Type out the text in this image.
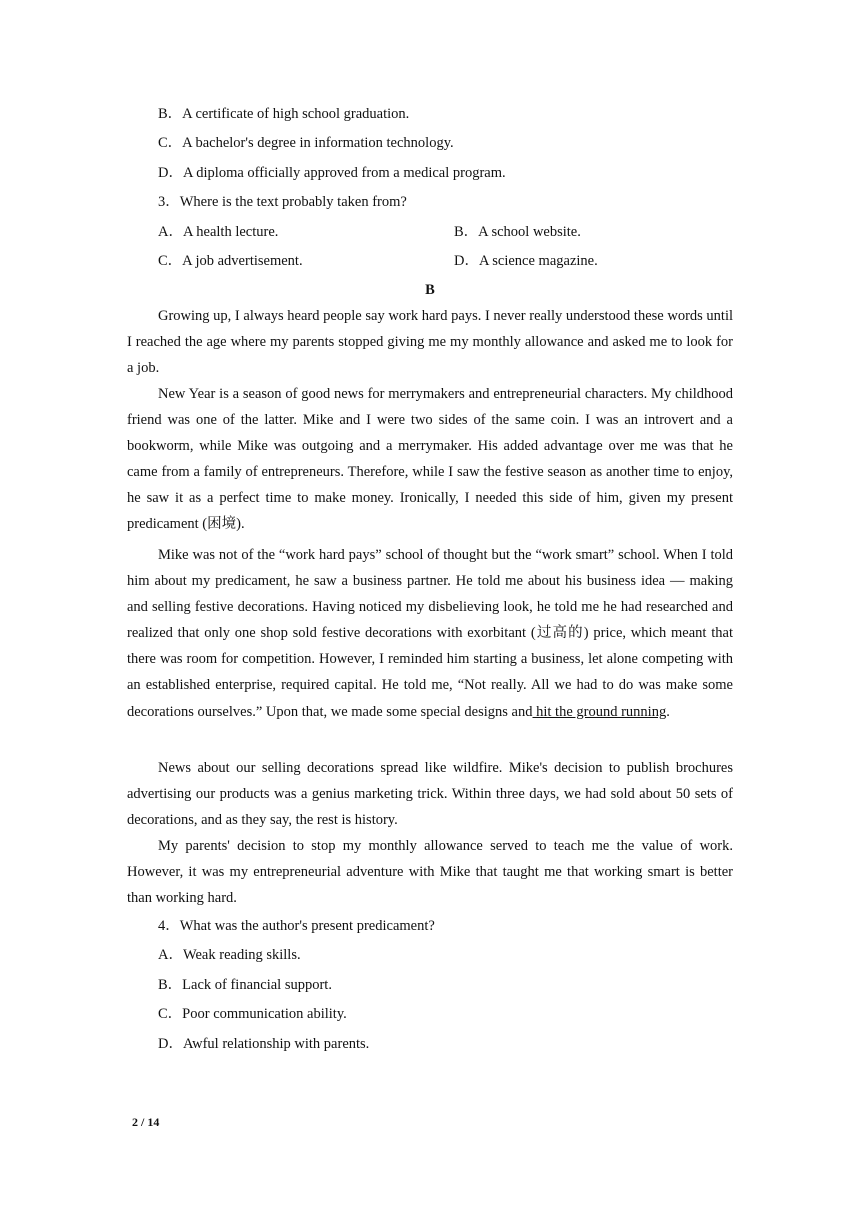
B．A certificate of high school graduation.
C．A bachelor's degree in information technology.
D．A diploma officially approved from a medical program.
3．Where is the text probably taken from?
A．A health lecture.	B．A school website.
C．A job advertisement.	D．A science magazine.
B

Growing up, I always heard people say work hard pays. I never really understood these words until I reached the age where my parents stopped giving me my monthly allowance and asked me to look for a job.

New Year is a season of good news for merrymakers and entrepreneurial characters. My childhood friend was one of the latter. Mike and I were two sides of the same coin. I was an introvert and a bookworm, while Mike was outgoing and a merrymaker. His added advantage over me was that he came from a family of entrepreneurs. Therefore, while I saw the festive season as another time to enjoy, he saw it as a perfect time to make money. Ironically, I needed this side of him, given my present predicament (困境).

Mike was not of the “work hard pays” school of thought but the “work smart” school. When I told him about my predicament, he saw a business partner. He told me about his business idea — making and selling festive decorations. Having noticed my disbelieving look, he told me he had researched and realized that only one shop sold festive decorations with exorbitant (过高的) price, which meant that there was room for competition. However, I reminded him starting a business, let alone competing with an established enterprise, required capital. He told me, “Not really. All we had to do was make some decorations ourselves.” Upon that, we made some special designs and hit the ground running.

News about our selling decorations spread like wildfire. Mike's decision to publish brochures advertising our products was a genius marketing trick. Within three days, we had sold about 50 sets of decorations, and as they say, the rest is history.

My parents' decision to stop my monthly allowance served to teach me the value of work. However, it was my entrepreneurial adventure with Mike that taught me that working smart is better than working hard.

4．What was the author's present predicament?
A．Weak reading skills.
B．Lack of financial support.
C．Poor communication ability.
D．Awful relationship with parents.
2 / 14
